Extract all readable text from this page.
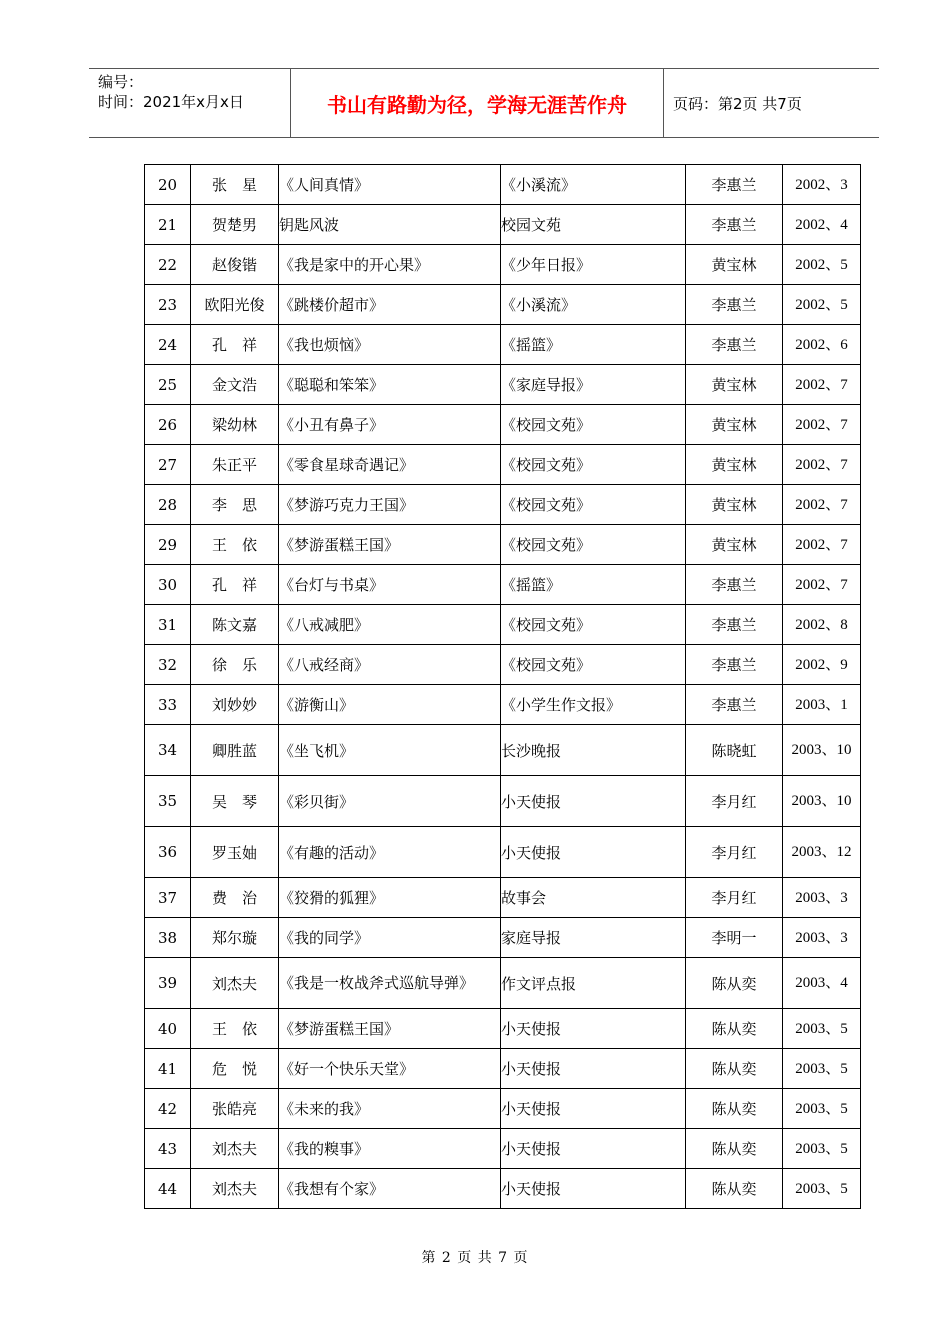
编号：
时间：2021年x月x日	书山有路勤为径，学海无涯苦作舟	页码：第2页 共7页
20	张　星	《人间真情》	《小溪流》	李惠兰	2002、3
21	贺楚男	钥匙风波	校园文苑	李惠兰	2002、4
22	赵俊锴	《我是家中的开心果》	《少年日报》	黄宝林	2002、5
23	欧阳光俊	《跳楼价超市》	《小溪流》	李惠兰	2002、5
24	孔　祥	《我也烦恼》	《摇篮》	李惠兰	2002、6
25	金文浩	《聪聪和笨笨》	《家庭导报》	黄宝林	2002、7
26	梁幼林	《小丑有鼻子》	《校园文苑》	黄宝林	2002、7
27	朱正平	《零食星球奇遇记》	《校园文苑》	黄宝林	2002、7
28	李　思	《梦游巧克力王国》	《校园文苑》	黄宝林	2002、7
29	王　依	《梦游蛋糕王国》	《校园文苑》	黄宝林	2002、7
30	孔　祥	《台灯与书桌》	《摇篮》	李惠兰	2002、7
31	陈文嘉	《八戒减肥》	《校园文苑》	李惠兰	2002、8
32	徐　乐	《八戒经商》	《校园文苑》	李惠兰	2002、9
33	刘妙妙	《游衡山》	《小学生作文报》	李惠兰	2003、1
34	卿胜蓝	《坐飞机》	长沙晚报	陈晓虹	2003、10
35	吴　琴	《彩贝街》	小天使报	李月红	2003、10
36	罗玉妯	《有趣的活动》	小天使报	李月红	2003、12
37	费　治	《狡猾的狐狸》	故事会	李月红	2003、3
38	郑尔璇	《我的同学》	家庭导报	李明一	2003、3
39	刘杰夫	《我是一枚战斧式巡航导弹》	作文评点报	陈从奕	2003、4
40	王　依	《梦游蛋糕王国》	小天使报	陈从奕	2003、5
41	危　悦	《好一个快乐天堂》	小天使报	陈从奕	2003、5
42	张皓亮	《未来的我》	小天使报	陈从奕	2003、5
43	刘杰夫	《我的糗事》	小天使报	陈从奕	2003、5
44	刘杰夫	《我想有个家》	小天使报	陈从奕	2003、5
第 2 页 共 7 页
